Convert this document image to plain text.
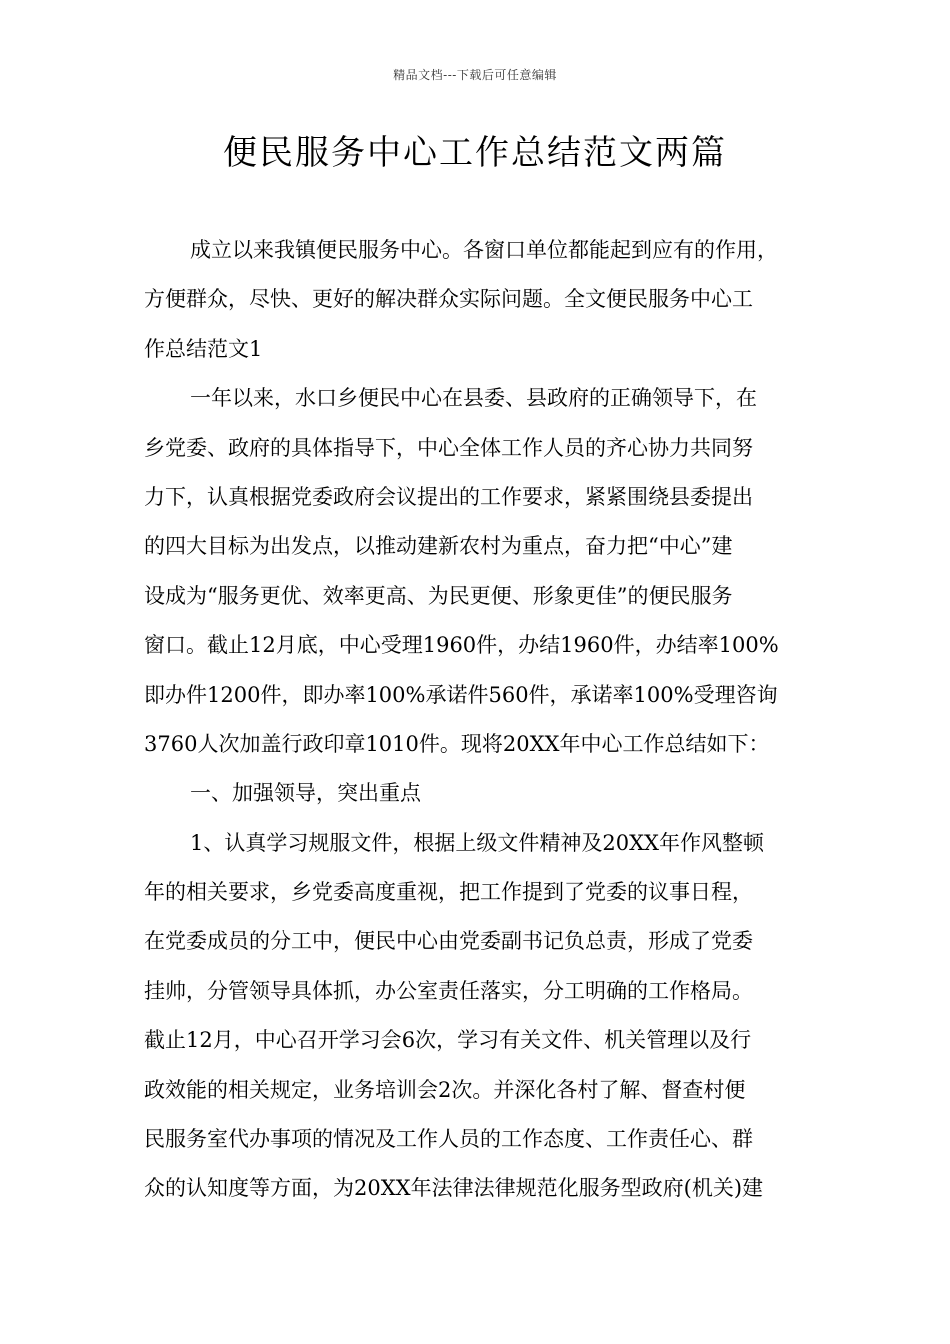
精品文档---下载后可任意编辑
便民服务中心工作总结范文两篇
成立以来我镇便民服务中心。各窗口单位都能起到应有的作用，
方便群众，尽快、更好的解决群众实际问题。全文便民服务中心工
作总结范文1
一年以来，水口乡便民中心在县委、县政府的正确领导下，在
乡党委、政府的具体指导下，中心全体工作人员的齐心协力共同努
力下，认真根据党委政府会议提出的工作要求，紧紧围绕县委提出
的四大目标为出发点，以推动建新农村为重点，奋力把“中心”建
设成为“服务更优、效率更高、为民更便、形象更佳”的便民服务
窗口。截止12月底，中心受理1960件，办结1960件，办结率100%
即办件1200件，即办率100%承诺件560件，承诺率100%受理咨询
3760人次加盖行政印章1010件。现将20XX年中心工作总结如下：
一、加强领导，突出重点
1、认真学习规服文件，根据上级文件精神及20XX年作风整顿
年的相关要求，乡党委高度重视，把工作提到了党委的议事日程，
在党委成员的分工中，便民中心由党委副书记负总责，形成了党委
挂帅，分管领导具体抓，办公室责任落实，分工明确的工作格局。
截止12月，中心召开学习会6次，学习有关文件、机关管理以及行
政效能的相关规定，业务培训会2次。并深化各村了解、督查村便
民服务室代办事项的情况及工作人员的工作态度、工作责任心、群
众的认知度等方面，为20XX年法律法律规范化服务型政府(机关)建
